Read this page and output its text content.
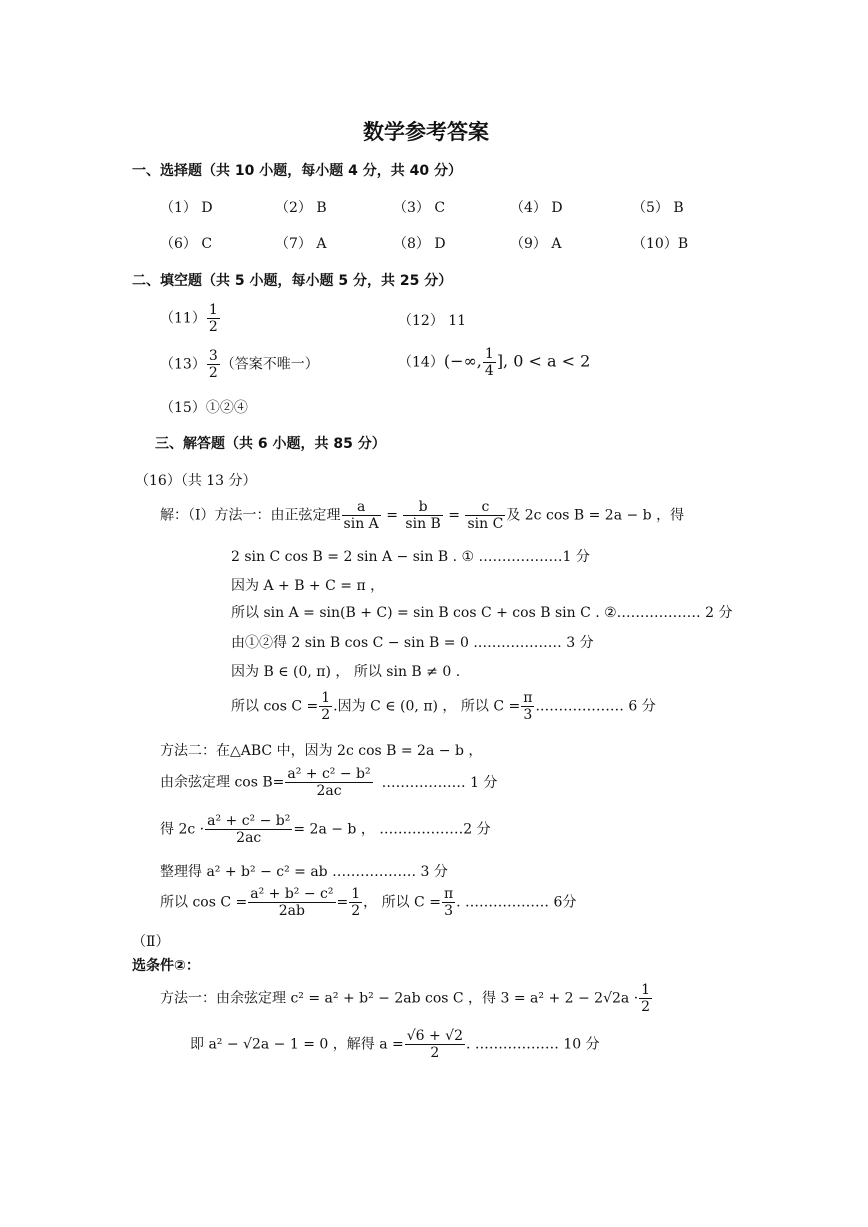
数学参考答案
一、选择题（共 10 小题，每小题 4 分，共 40 分）
（1） D	（2） B	（3） C	（4） D	（5） B
（6） C	（7） A	（8） D	（9） A	（10）B
二、填空题（共 5 小题，每小题 5 分，共 25 分）
$(11) \frac{1}{2}$	（12） 11
$(13) \frac{3}{2}$ （答案不唯一）	（14）(−∞, $\frac{1}{4}$ ], 0 < a < 2
（15）①②④
三、解答题（共 6 小题，共 85 分）
（16）（共 13 分）
解：（Ⅰ）方法一：由正弦定理 $\frac{a}{\text{sin A}} = \frac{b}{\text{sin B}} = \frac{c}{\text{sin C}}$ 及 2c cos B = 2a − b ，得
2 sin C cos B = 2 sin A − sin B . ① ………………1 分
因为 A + B + C = π ，
所以 sin A = sin(B + C) = sin B cos C + cos B sin C . ②……………… 2 分
由①②得 2 sin B cos C − sin B = 0 .……………… 3 分
因为 B ∈ (0, π) ， 所以 sin B ≠ 0 .
所以 $\cos C = \frac{1}{2}$ .因为 C ∈ (0, π) ， 所以 $C = \frac{\pi}{3}$ .……………… 6 分
方法二：在△ABC 中，因为 2c cos B = 2a − b ，
由余弦定理 $\cos B= \frac{\text{a² + c² − b²}}{2ac}$ ……………… 1 分
得 $2c \cdot \frac{\text{a² + c² − b²}}{2ac} = 2a - b$ ， ………………2 分
整理得 a² + b² − c² = ab ……………… 3 分
所以 $\cos C = \frac{\text{a² + b² − c²}}{2ab} = \frac{1}{2}$ ， 所以 $C = \frac{\pi}{3}$ . ……………… 6分
（Ⅱ）
选条件②：
方法一：由余弦定理 c² = a² + b² − 2ab cos C ，得 $3 = a^2 + 2 - 2√2a \cdot \frac{1}{2}$
即 a² − √2a − 1 = 0 ，解得 $a = \frac{√6 + √2}{2}$ . ……………… 10 分
